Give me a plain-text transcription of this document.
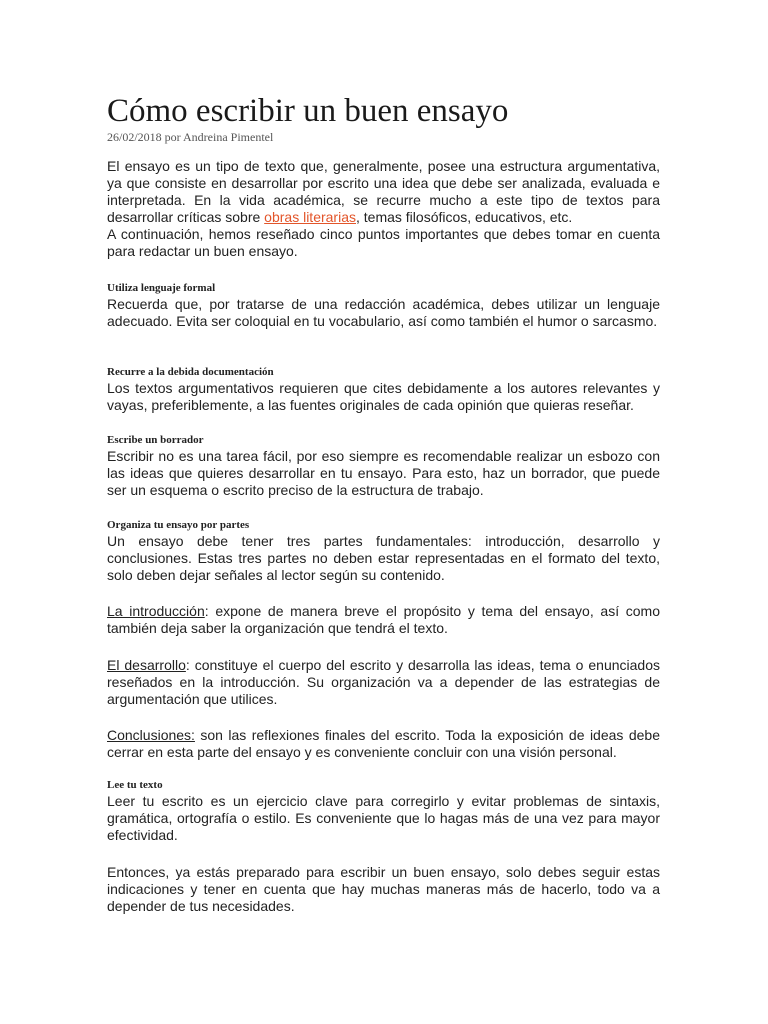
Cómo escribir un buen ensayo
26/02/2018 por Andreina Pimentel

El ensayo es un tipo de texto que, generalmente, posee una estructura argumentativa, ya que consiste en desarrollar por escrito una idea que debe ser analizada, evaluada e interpretada. En la vida académica, se recurre mucho a este tipo de textos para desarrollar críticas sobre obras literarias, temas filosóficos, educativos, etc.
A continuación, hemos reseñado cinco puntos importantes que debes tomar en cuenta para redactar un buen ensayo.

Utiliza lenguaje formal

Recuerda que, por tratarse de una redacción académica, debes utilizar un lenguaje adecuado. Evita ser coloquial en tu vocabulario, así como también el humor o sarcasmo.

Recurre a la debida documentación

Los textos argumentativos requieren que cites debidamente a los autores relevantes y vayas, preferiblemente, a las fuentes originales de cada opinión que quieras reseñar.

Escribe un borrador

Escribir no es una tarea fácil, por eso siempre es recomendable realizar un esbozo con las ideas que quieres desarrollar en tu ensayo. Para esto, haz un borrador, que puede ser un esquema o escrito preciso de la estructura de trabajo.

Organiza tu ensayo por partes

Un ensayo debe tener tres partes fundamentales: introducción, desarrollo y conclusiones. Estas tres partes no deben estar representadas en el formato del texto, solo deben dejar señales al lector según su contenido.

La introducción: expone de manera breve el propósito y tema del ensayo, así como también deja saber la organización que tendrá el texto.

El desarrollo: constituye el cuerpo del escrito y desarrolla las ideas, tema o enunciados reseñados en la introducción. Su organización va a depender de las estrategias de argumentación que utilices.

Conclusiones: son las reflexiones finales del escrito. Toda la exposición de ideas debe cerrar en esta parte del ensayo y es conveniente concluir con una visión personal.

Lee tu texto

Leer tu escrito es un ejercicio clave para corregirlo y evitar problemas de sintaxis, gramática, ortografía o estilo. Es conveniente que lo hagas más de una vez para mayor efectividad.

Entonces, ya estás preparado para escribir un buen ensayo, solo debes seguir estas indicaciones y tener en cuenta que hay muchas maneras más de hacerlo, todo va a depender de tus necesidades.
